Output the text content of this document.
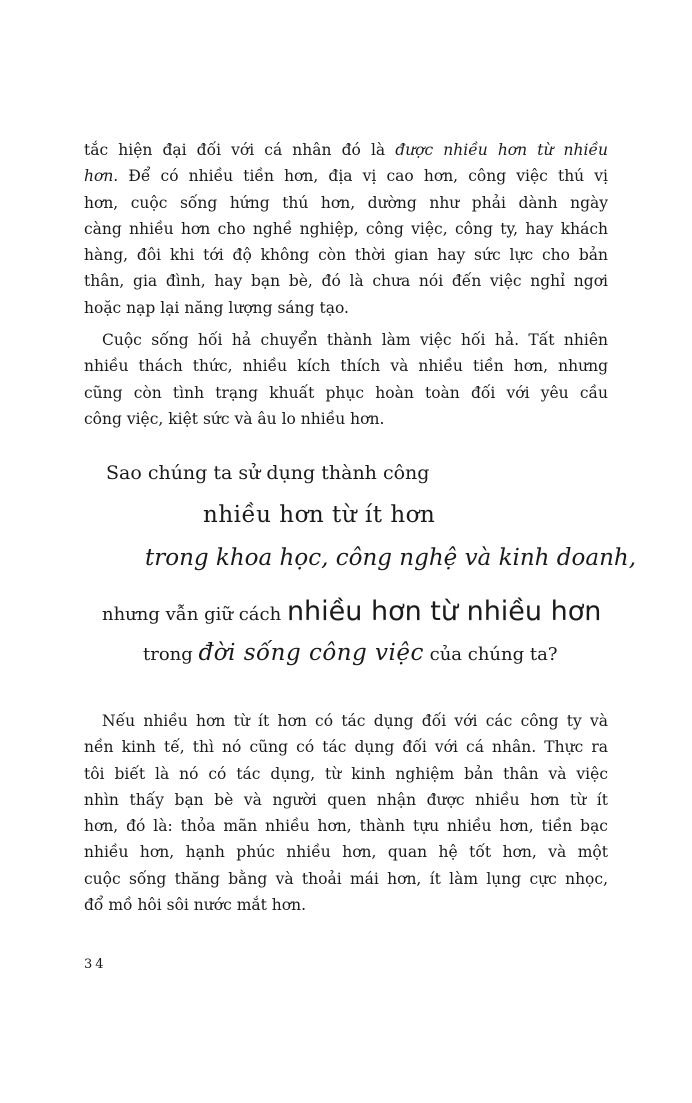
tắc hiện đại đối với cá nhân đó là được nhiều hơn từ nhiều
hơn. Để có nhiều tiền hơn, địa vị cao hơn, công việc thú vị
hơn, cuộc sống hứng thú hơn, dường như phải dành ngày
càng nhiều hơn cho nghề nghiệp, công việc, công ty, hay khách
hàng, đôi khi tới độ không còn thời gian hay sức lực cho bản
thân, gia đình, hay bạn bè, đó là chưa nói đến việc nghỉ ngơi
hoặc nạp lại năng lượng sáng tạo.
Cuộc sống hối hả chuyển thành làm việc hối hả. Tất nhiên
nhiều thách thức, nhiều kích thích và nhiều tiền hơn, nhưng
cũng còn tình trạng khuất phục hoàn toàn đối với yêu cầu
công việc, kiệt sức và âu lo nhiều hơn.
Sao chúng ta sử dụng thành công
nhiều hơn từ ít hơn
trong khoa học, công nghệ và kinh doanh,
nhưng vẫn giữ cách nhiều hơn từ nhiều hơn
trong đời sống công việc của chúng ta?
Nếu nhiều hơn từ ít hơn có tác dụng đối với các công ty và
nền kinh tế, thì nó cũng có tác dụng đối với cá nhân. Thực ra
tôi biết là nó có tác dụng, từ kinh nghiệm bản thân và việc
nhìn thấy bạn bè và người quen nhận được nhiều hơn từ ít
hơn, đó là: thỏa mãn nhiều hơn, thành tựu nhiều hơn, tiền bạc
nhiều hơn, hạnh phúc nhiều hơn, quan hệ tốt hơn, và một
cuộc sống thăng bằng và thoải mái hơn, ít làm lụng cực nhọc,
đổ mồ hôi sôi nước mắt hơn.
34
